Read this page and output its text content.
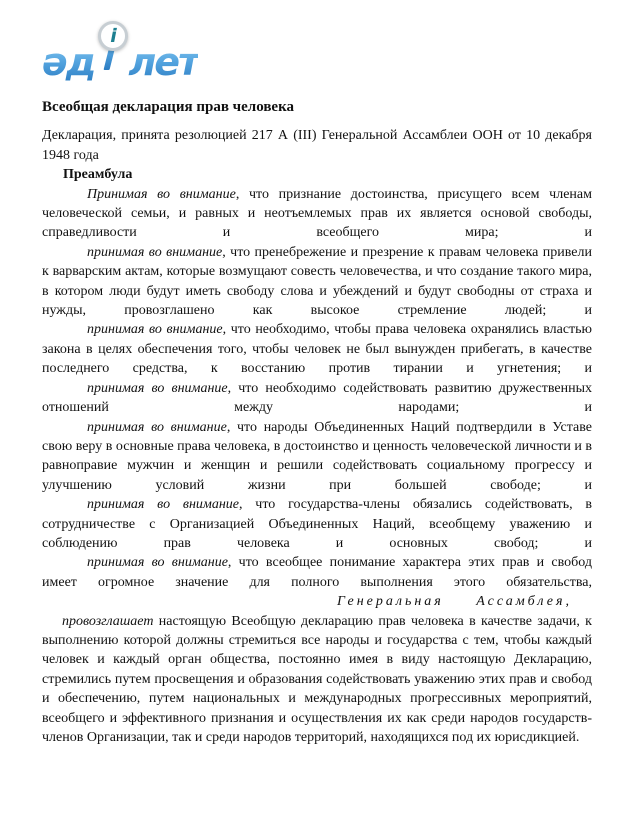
әд
і
лет

Всеобщая декларация прав человека

Декларация, принята резолюцией 217 А (III) Генеральной Ассамблеи ООН от 10 декабря 1948 года

Преамбула

Принимая во внимание, что признание достоинства, присущего всем членам человеческой семьи, и равных и неотъемлемых прав их является основой свободы, справедливости и всеобщего мира; и

принимая во внимание, что пренебрежение и презрение к правам человека привели к варварским актам, которые возмущают совесть человечества, и что создание такого мира, в котором люди будут иметь свободу слова и убеждений и будут свободны от страха и нужды, провозглашено как высокое стремление людей; и

принимая во внимание, что необходимо, чтобы права человека охранялись властью закона в целях обеспечения того, чтобы человек не был вынужден прибегать, в качестве последнего средства, к восстанию против тирании и угнетения; и

принимая во внимание, что необходимо содействовать развитию дружественных отношений между народами; и

принимая во внимание, что народы Объединенных Наций подтвердили в Уставе свою веру в основные права человека, в достоинство и ценность человеческой личности и в равноправие мужчин и женщин и решили содействовать социальному прогрессу и улучшению условий жизни при большей свободе; и

принимая во внимание, что государства-члены обязались содействовать, в сотрудничестве с Организацией Объединенных Наций, всеобщему уважению и соблюдению прав человека и основных свобод; и

принимая во внимание, что всеобщее понимание характера этих прав и свобод имеет огромное значение для полного выполнения этого обязательства,

Генеральная Ассамблея,

провозглашает настоящую Всеобщую декларацию прав человека в качестве задачи, к выполнению которой должны стремиться все народы и государства с тем, чтобы каждый человек и каждый орган общества, постоянно имея в виду настоящую Декларацию, стремились путем просвещения и образования содействовать уважению этих прав и свобод и обеспечению, путем национальных и международных прогрессивных мероприятий, всеобщего и эффективного признания и осуществления их как среди народов государств-членов Организации, так и среди народов территорий, находящихся под их юрисдикцией.
